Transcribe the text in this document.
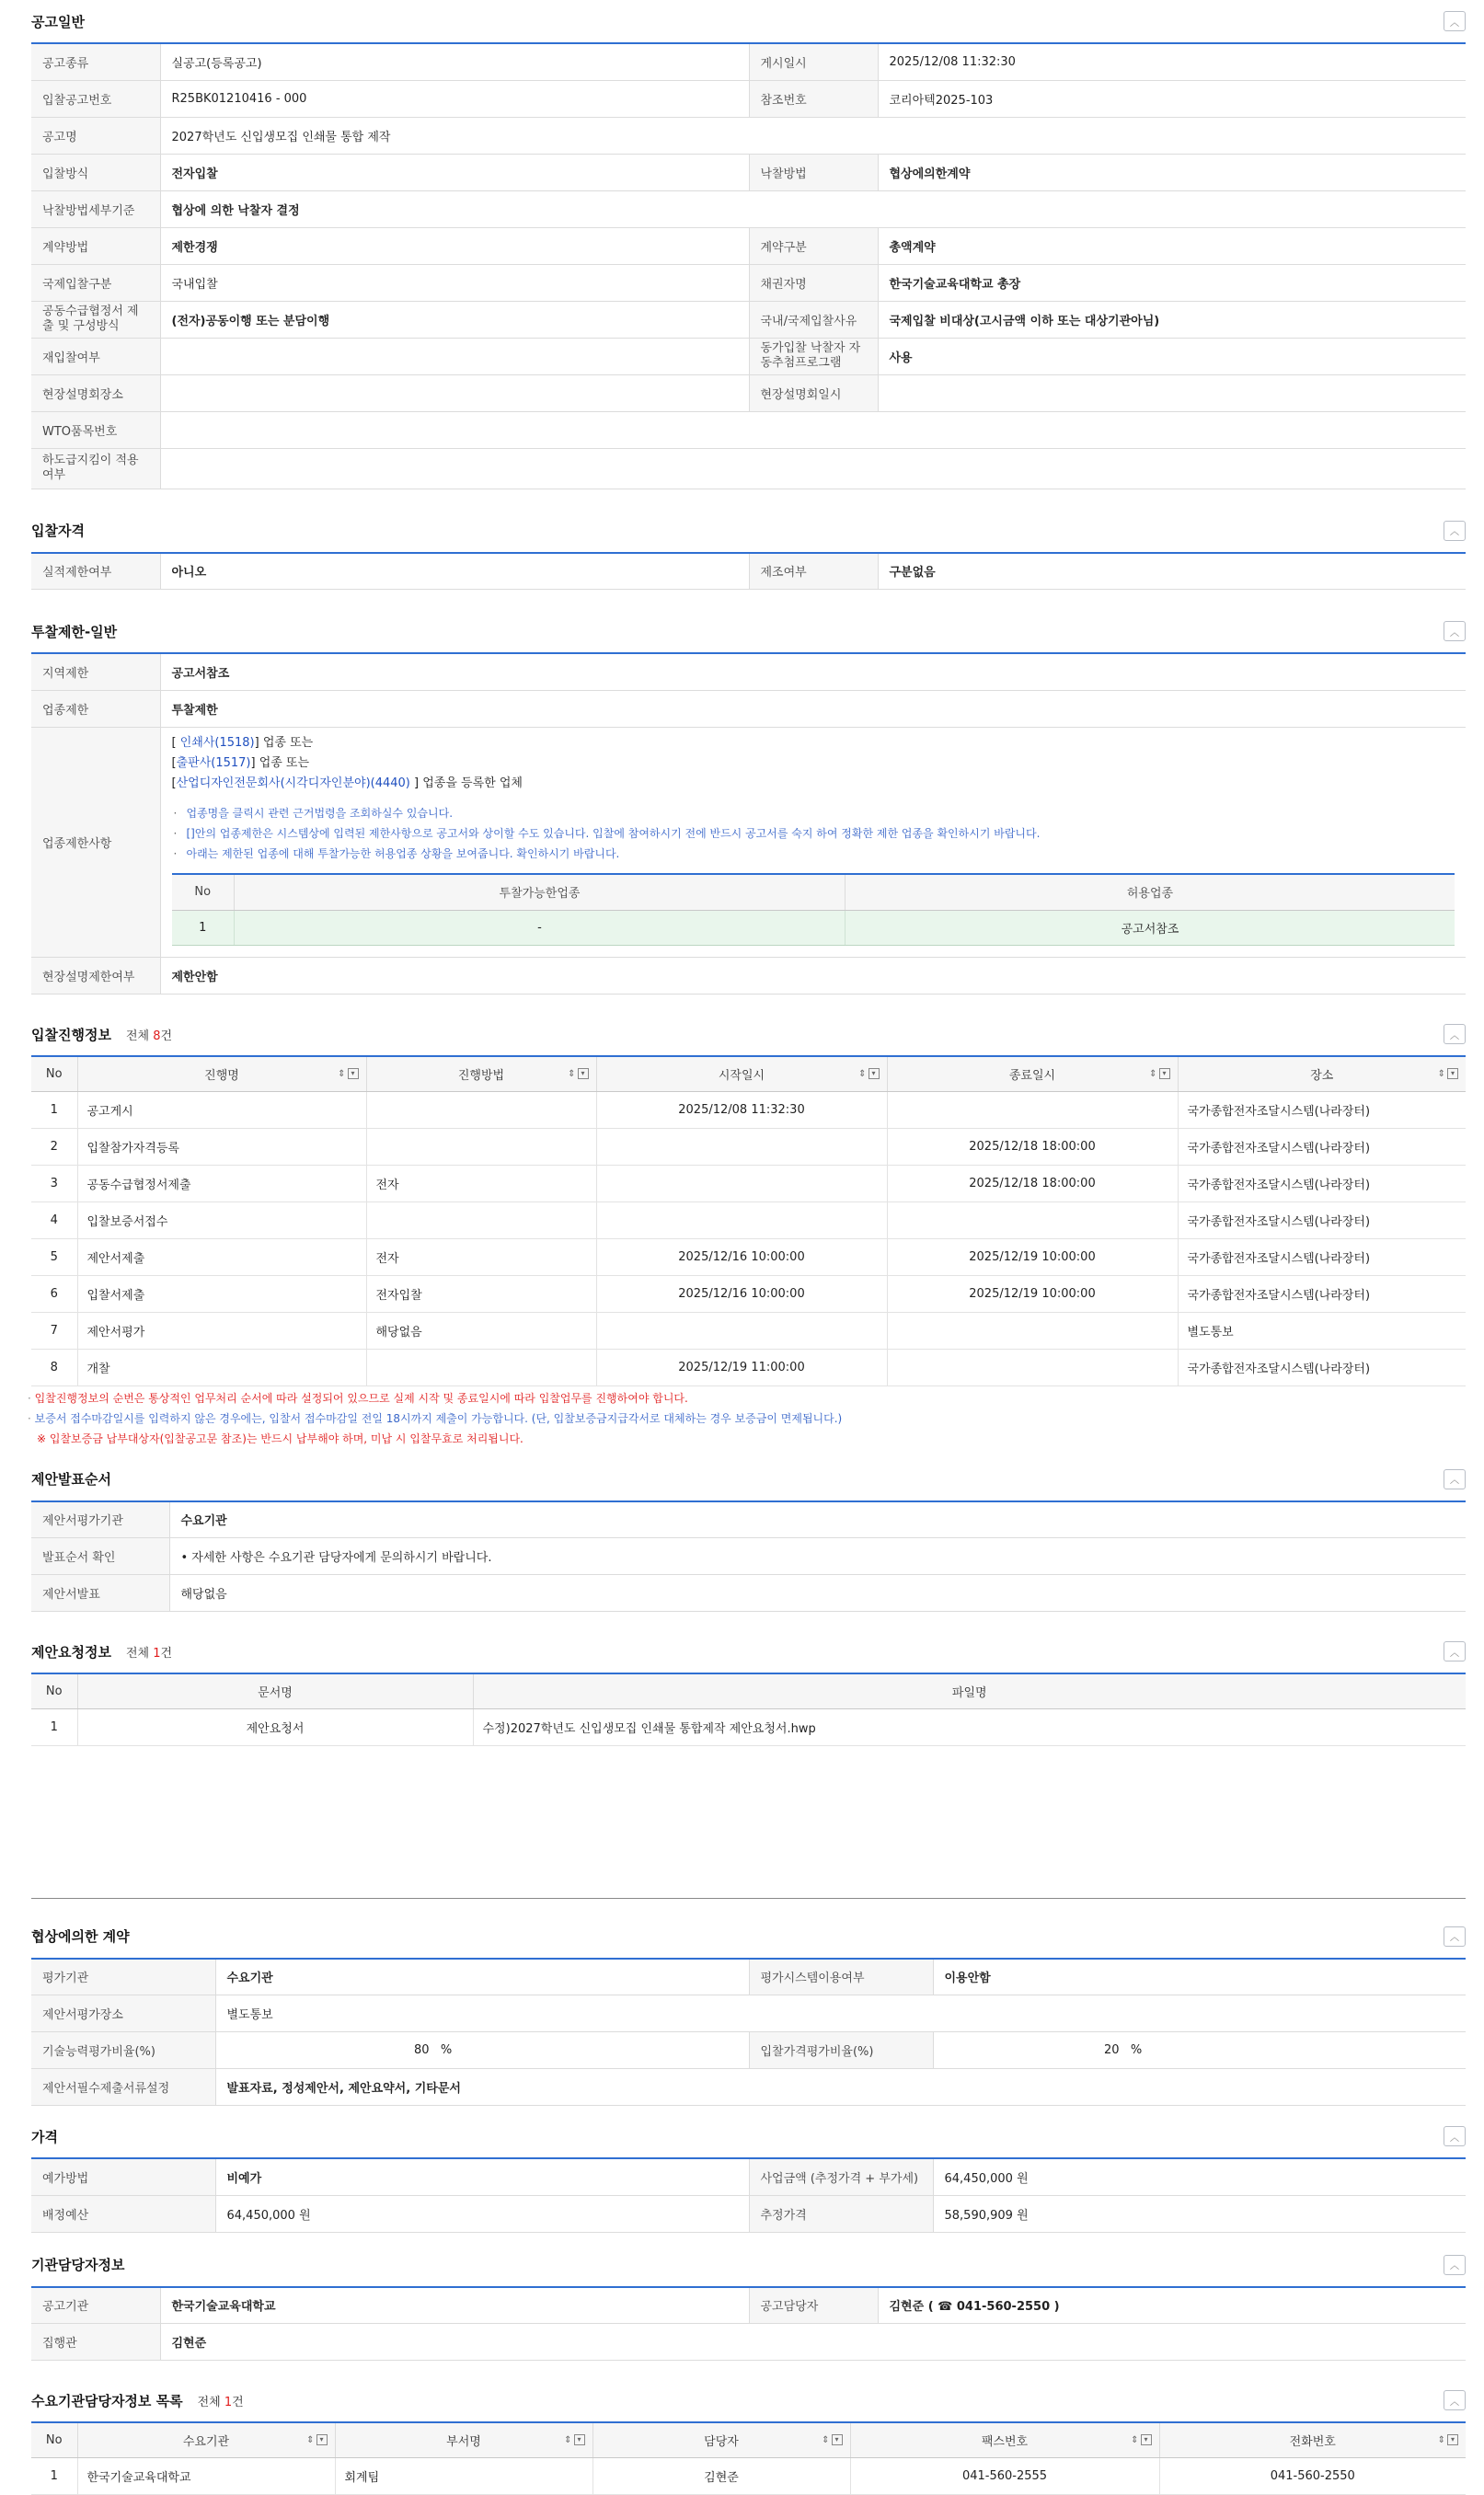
공고일반	︿
공고종류	실공고(등록공고)	게시일시	2025/12/08 11:32:30
입찰공고번호	R25BK01210416 - 000	참조번호	코리아텍2025-103
공고명	2027학년도 신입생모집 인쇄물 통합 제작		
입찰방식	전자입찰	낙찰방법	협상에의한계약
낙찰방법세부기준	협상에 의한 낙찰자 결정		
계약방법	제한경쟁	계약구분	총액계약
국제입찰구분	국내입찰	채권자명	한국기술교육대학교 총장
공동수급협정서 제출 및 구성방식	(전자)공동이행 또는 분담이행	국내/국제입찰사유	국제입찰 비대상(고시금액 이하 또는 대상기관아님)
재입찰여부		동가입찰 낙찰자 자동추첨프로그램	사용
현장설명회장소		현장설명회일시	
WTO품목번호			
하도급지킴이 적용여부			
입찰자격	︿
실적제한여부	아니오	제조여부	구분없음
투찰제한-일반	︿
지역제한	공고서참조
업종제한	투찰제한
업종제한사항	
[ 인쇄사(1518)] 업종 또는
[출판사(1517)] 업종 또는
[산업디자인전문회사(시각디자인분야)(4440) ] 업종을 등록한 업체
· 업종명을 클릭시 관련 근거법령을 조회하실수 있습니다.
· []안의 업종제한은 시스템상에 입력된 제한사항으로 공고서와 상이할 수도 있습니다. 입찰에 참여하시기 전에 반드시 공고서를 숙지 하여 정확한 제한 업종을 확인하시기 바랍니다.
· 아래는 제한된 업종에 대해 투찰가능한 허용업종 상황을 보여줍니다. 확인하시기 바랍니다.
No	투찰가능한업종	허용업종
1	-	공고서참조

현장설명제한여부	제한안함
입찰진행정보 전체 8건	︿
No	진행명 ⇕ ▾	진행방법 ⇕ ▾	시작일시 ⇕ ▾	종료일시 ⇕ ▾	장소 ⇕ ▾

1	공고게시		2025/12/08 11:32:30		국가종합전자조달시스템(나라장터)
2	입찰참가자격등록			2025/12/18 18:00:00	국가종합전자조달시스템(나라장터)
3	공동수급협정서제출	전자		2025/12/18 18:00:00	국가종합전자조달시스템(나라장터)
4	입찰보증서접수				국가종합전자조달시스템(나라장터)
5	제안서제출	전자	2025/12/16 10:00:00	2025/12/19 10:00:00	국가종합전자조달시스템(나라장터)
6	입찰서제출	전자입찰	2025/12/16 10:00:00	2025/12/19 10:00:00	국가종합전자조달시스템(나라장터)
7	제안서평가	해당없음			별도통보
8	개찰		2025/12/19 11:00:00		국가종합전자조달시스템(나라장터)
· 입찰진행정보의 순번은 통상적인 업무처리 순서에 따라 설정되어 있으므로 실제 시작 및 종료일시에 따라 입찰업무를 진행하여야 합니다.
· 보증서 접수마감일시를 입력하지 않은 경우에는, 입찰서 접수마감일 전일 18시까지 제출이 가능합니다. (단, 입찰보증금지급각서로 대체하는 경우 보증금이 면제됩니다.)
※ 입찰보증금 납부대상자(입찰공고문 참조)는 반드시 납부해야 하며, 미납 시 입찰무효로 처리됩니다.
제안발표순서	︿
제안서평가기관	수요기관
발표순서 확인	• 자세한 사항은 수요기관 담당자에게 문의하시기 바랍니다.
제안서발표	해당없음
제안요청정보 전체 1건	︿
No	문서명	파일명
1	제안요청서	수정)2027학년도 신입생모집 인쇄물 통합제작 제안요청서.hwp
협상에의한 계약	︿
평가기관	수요기관	평가시스템이용여부	이용안함
제안서평가장소	별도통보		
기술능력평가비율(%)	80 %	입찰가격평가비율(%)	20 %
제안서필수제출서류설정	발표자료, 정성제안서, 제안요약서, 기타문서		
가격	︿
예가방법	비예가	사업금액 (추정가격 + 부가세)	64,450,000 원
배정예산	64,450,000 원	추정가격	58,590,909 원
기관담당자정보	︿
공고기관	한국기술교육대학교	공고담당자	김현준 ( ☎ 041-560-2550 )
집행관	김현준		
수요기관담당자정보 목록 전체 1건	︿
No	수요기관 ⇕ ▾	부서명 ⇕ ▾	담당자 ⇕ ▾	팩스번호 ⇕ ▾	전화번호 ⇕ ▾

1	한국기술교육대학교	회계팀	김현준	041-560-2555	041-560-2550
